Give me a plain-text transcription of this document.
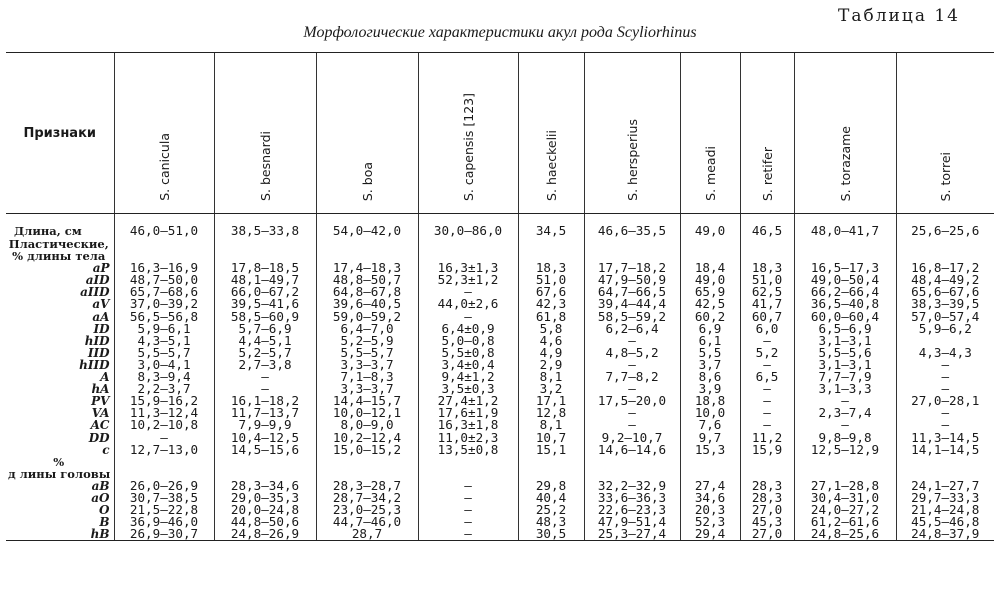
Таблица 14
Морфологические характеристики акул рода Scyliorhinus
Признаки	S. canicula	S. besnardi	S. boa	S. capensis [123]	S. haeckelii	S. hersperius	S. meadi	S. retifer	S. torazame	S. torrei

Длина, см	46,0—51,0	38,5—33,8	54,0—42,0	30,0—86,0	34,5	46,6—35,5	49,0	46,5	48,0—41,7	25,6—25,6
Пластические,										
% длины тела										
aP	16,3—16,9	17,8—18,5	17,4—18,3	16,3±1,3	18,3	17,7—18,2	18,4	18,3	16,5—17,3	16,8—17,2
aID	48,7—50,0	48,1—49,7	48,8—50,7	52,3±1,2	51,0	47,9—50,9	49,0	51,0	49,0—50,4	48,4—49,2
aIID	65,7—68,6	66,0—67,2	64,8—67,8	—	67,6	64,7—66,5	65,9	62,5	66,2—66,4	65,6—67,6
aV	37,0—39,2	39,5—41,6	39,6—40,5	44,0±2,6	42,3	39,4—44,4	42,5	41,7	36,5—40,8	38,3—39,5
aA	56,5—56,8	58,5—60,9	59,0—59,2	—	61,8	58,5—59,2	60,2	60,7	60,0—60,4	57,0—57,4
ID	5,9—6,1	5,7—6,9	6,4—7,0	6,4±0,9	5,8	6,2—6,4	6,9	6,0	6,5—6,9	5,9—6,2
hID	4,3—5,1	4,4—5,1	5,2—5,9	5,0—0,8	4,6	—	6,1	—	3,1—3,1	
IID	5,5—5,7	5,2—5,7	5,5—5,7	5,5±0,8	4,9	4,8—5,2	5,5	5,2	5,5—5,6	4,3—4,3
hIID	3,0—4,1	2,7—3,8	3,3—3,7	3,4±0,4	2,9	—	3,7	—	3,1—3,1	—
A	8,3—9,4	—	7,1—8,3	9,4±1,2	8,1	7,7—8,2	8,6	6,5	7,7—7,9	—
hA	2,2—3,7	—	3,3—3,7	3,5±0,3	3,2	—	3,9	—	3,1—3,3	—
PV	15,9—16,2	16,1—18,2	14,4—15,7	27,4±1,2	17,1	17,5—20,0	18,8	—	—	27,0—28,1
VA	11,3—12,4	11,7—13,7	10,0—12,1	17,6±1,9	12,8	—	10,0	—	2,3—7,4	—
AC	10,2—10,8	7,9—9,9	8,0—9,0	16,3±1,8	8,1	—	7,6	—	—	—
DD	—	10,4—12,5	10,2—12,4	11,0±2,3	10,7	9,2—10,7	9,7	11,2	9,8—9,8	11,3—14,5
c	12,7—13,0	14,5—15,6	15,0—15,2	13,5±0,8	15,1	14,6—14,6	15,3	15,9	12,5—12,9	14,1—14,5
%										
д лины головы										
aB	26,0—26,9	28,3—34,6	28,3—28,7	—	29,8	32,2—32,9	27,4	28,3	27,1—28,8	24,1—27,7
aO	30,7—38,5	29,0—35,3	28,7—34,2	—	40,4	33,6—36,3	34,6	28,3	30,4—31,0	29,7—33,3
O	21,5—22,8	20,0—24,8	23,0—25,3	—	25,2	22,6—23,3	20,3	27,0	24,0—27,2	21,4—24,8
B	36,9—46,0	44,8—50,6	44,7—46,0	—	48,3	47,9—51,4	52,3	45,3	61,2—61,6	45,5—46,8
hB	26,9—30,7	24,8—26,9	28,7	—	30,5	25,3—27,4	29,4	27,0	24,8—25,6	24,8—37,9
